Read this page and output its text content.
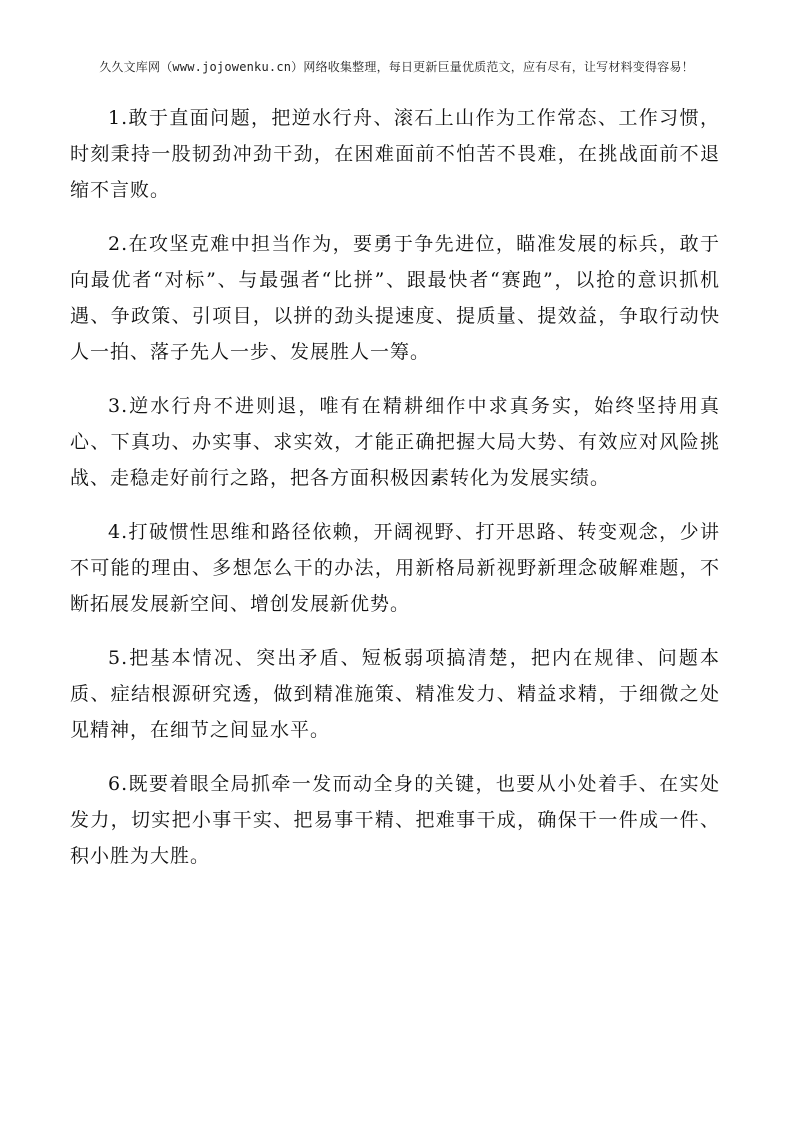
久久文库网（www.jojowenku.cn）网络收集整理，每日更新巨量优质范文，应有尽有，让写材料变得容易！

1.敢于直面问题，把逆水行舟、滚石上山作为工作常态、工作习惯，时刻秉持一股韧劲冲劲干劲，在困难面前不怕苦不畏难，在挑战面前不退缩不言败。

2.在攻坚克难中担当作为，要勇于争先进位，瞄准发展的标兵，敢于向最优者“对标”、与最强者“比拼”、跟最快者“赛跑”，以抢的意识抓机遇、争政策、引项目，以拼的劲头提速度、提质量、提效益，争取行动快人一拍、落子先人一步、发展胜人一筹。

3.逆水行舟不进则退，唯有在精耕细作中求真务实，始终坚持用真心、下真功、办实事、求实效，才能正确把握大局大势、有效应对风险挑战、走稳走好前行之路，把各方面积极因素转化为发展实绩。

4.打破惯性思维和路径依赖，开阔视野、打开思路、转变观念，少讲不可能的理由、多想怎么干的办法，用新格局新视野新理念破解难题，不断拓展发展新空间、增创发展新优势。

5.把基本情况、突出矛盾、短板弱项搞清楚，把内在规律、问题本质、症结根源研究透，做到精准施策、精准发力、精益求精，于细微之处见精神，在细节之间显水平。

6.既要着眼全局抓牵一发而动全身的关键，也要从小处着手、在实处发力，切实把小事干实、把易事干精、把难事干成，确保干一件成一件、积小胜为大胜。
